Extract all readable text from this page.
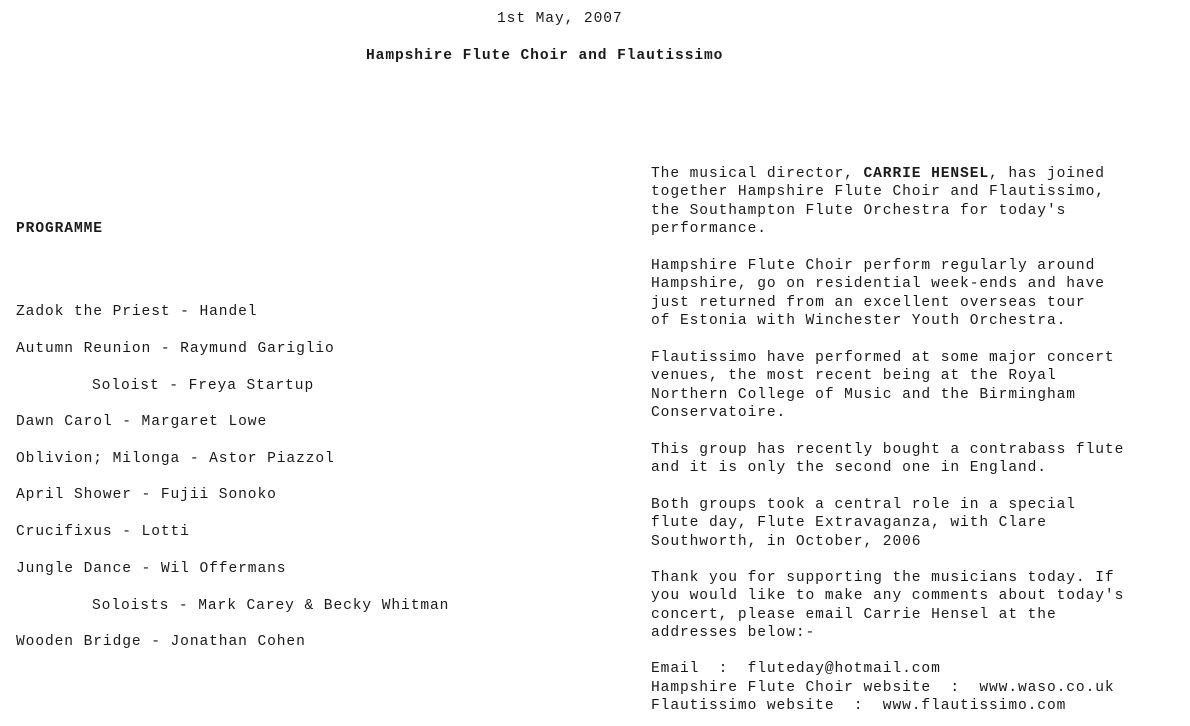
1st May, 2007
Hampshire Flute Choir and Flautissimo
PROGRAMME
Zadok the Priest - Handel
Autumn Reunion - Raymund Gariglio
Soloist - Freya Startup
Dawn Carol - Margaret Lowe
Oblivion; Milonga - Astor Piazzol
April Shower - Fujii Sonoko
Crucifixus - Lotti
Jungle Dance - Wil Offermans
Soloists - Mark Carey & Becky Whitman
Wooden Bridge - Jonathan Cohen
The musical director, CARRIE HENSEL, has joined
together Hampshire Flute Choir and Flautissimo,
the Southampton Flute Orchestra for today's
performance.
Hampshire Flute Choir perform regularly around
Hampshire, go on residential week-ends and have
just returned from an excellent overseas tour
of Estonia with Winchester Youth Orchestra.
Flautissimo have performed at some major concert
venues, the most recent being at the Royal
Northern College of Music and the Birmingham
Conservatoire.
This group has recently bought a contrabass flute
and it is only the second one in England.
Both groups took a central role in a special
flute day, Flute Extravaganza, with Clare
Southworth, in October, 2006
Thank you for supporting the musicians today. If
you would like to make any comments about today's
concert, please email Carrie Hensel at the
addresses below:-
Email  :  fluteday@hotmail.com
Hampshire Flute Choir website  :  www.waso.co.uk
Flautissimo website  :  www.flautissimo.com
